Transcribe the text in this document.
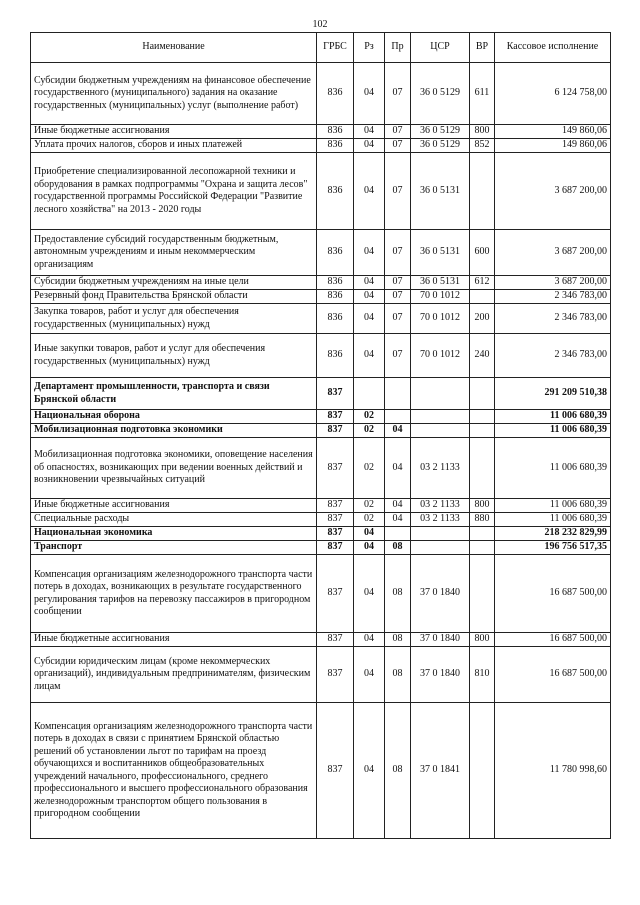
102
Наименование	ГРБС	Рз	Пр	ЦСР	ВР	Кассовое исполнение
Субсидии бюджетным учреждениям на финансовое обеспечение государственного (муниципального) задания на оказание государственных (муниципальных) услуг (выполнение работ)	836	04	07	36 0 5129	611	6 124 758,00
Иные бюджетные ассигнования	836	04	07	36 0 5129	800	149 860,06
Уплата прочих налогов, сборов и иных платежей	836	04	07	36 0 5129	852	149 860,06
Приобретение специализированной лесопожарной техники и оборудования в рамках подпрограммы "Охрана и защита лесов" государственной программы Российской Федерации "Развитие лесного хозяйства" на 2013 - 2020 годы	836	04	07	36 0 5131		3 687 200,00
Предоставление субсидий государственным бюджетным, автономным учреждениям и иным некоммерческим организациям	836	04	07	36 0 5131	600	3 687 200,00
Субсидии бюджетным учреждениям на иные цели	836	04	07	36 0 5131	612	3 687 200,00
Резервный фонд Правительства Брянской области	836	04	07	70 0 1012		2 346 783,00
Закупка товаров, работ и услуг для обеспечения государственных (муниципальных) нужд	836	04	07	70 0 1012	200	2 346 783,00
Иные закупки товаров, работ и услуг для обеспечения государственных (муниципальных) нужд	836	04	07	70 0 1012	240	2 346 783,00
Департамент промышленности, транспорта и связи Брянской области	837					291 209 510,38
Национальная оборона	837	02				11 006 680,39
Мобилизационная подготовка экономики	837	02	04			11 006 680,39
Мобилизационная подготовка экономики, оповещение населения об опасностях, возникающих при ведении военных действий и возникновении чрезвычайных ситуаций	837	02	04	03 2 1133		11 006 680,39
Иные бюджетные ассигнования	837	02	04	03 2 1133	800	11 006 680,39
Специальные расходы	837	02	04	03 2 1133	880	11 006 680,39
Национальная экономика	837	04				218 232 829,99
Транспорт	837	04	08			196 756 517,35
Компенсация организациям железнодорожного транспорта части потерь в доходах, возникающих в результате государственного регулирования тарифов на перевозку пассажиров в пригородном сообщении	837	04	08	37 0 1840		16 687 500,00
Иные бюджетные ассигнования	837	04	08	37 0 1840	800	16 687 500,00
Субсидии юридическим лицам (кроме некоммерческих организаций), индивидуальным предпринимателям, физическим лицам	837	04	08	37 0 1840	810	16 687 500,00
Компенсация организациям железнодорожного транспорта части потерь в доходах в связи с принятием Брянской областью решений об установлении льгот по тарифам на проезд обучающихся и воспитанников общеобразовательных учреждений начального, профессионального, среднего профессионального и высшего профессионального образования железнодорожным транспортом общего пользования в пригородном сообщении	837	04	08	37 0 1841		11 780 998,60
